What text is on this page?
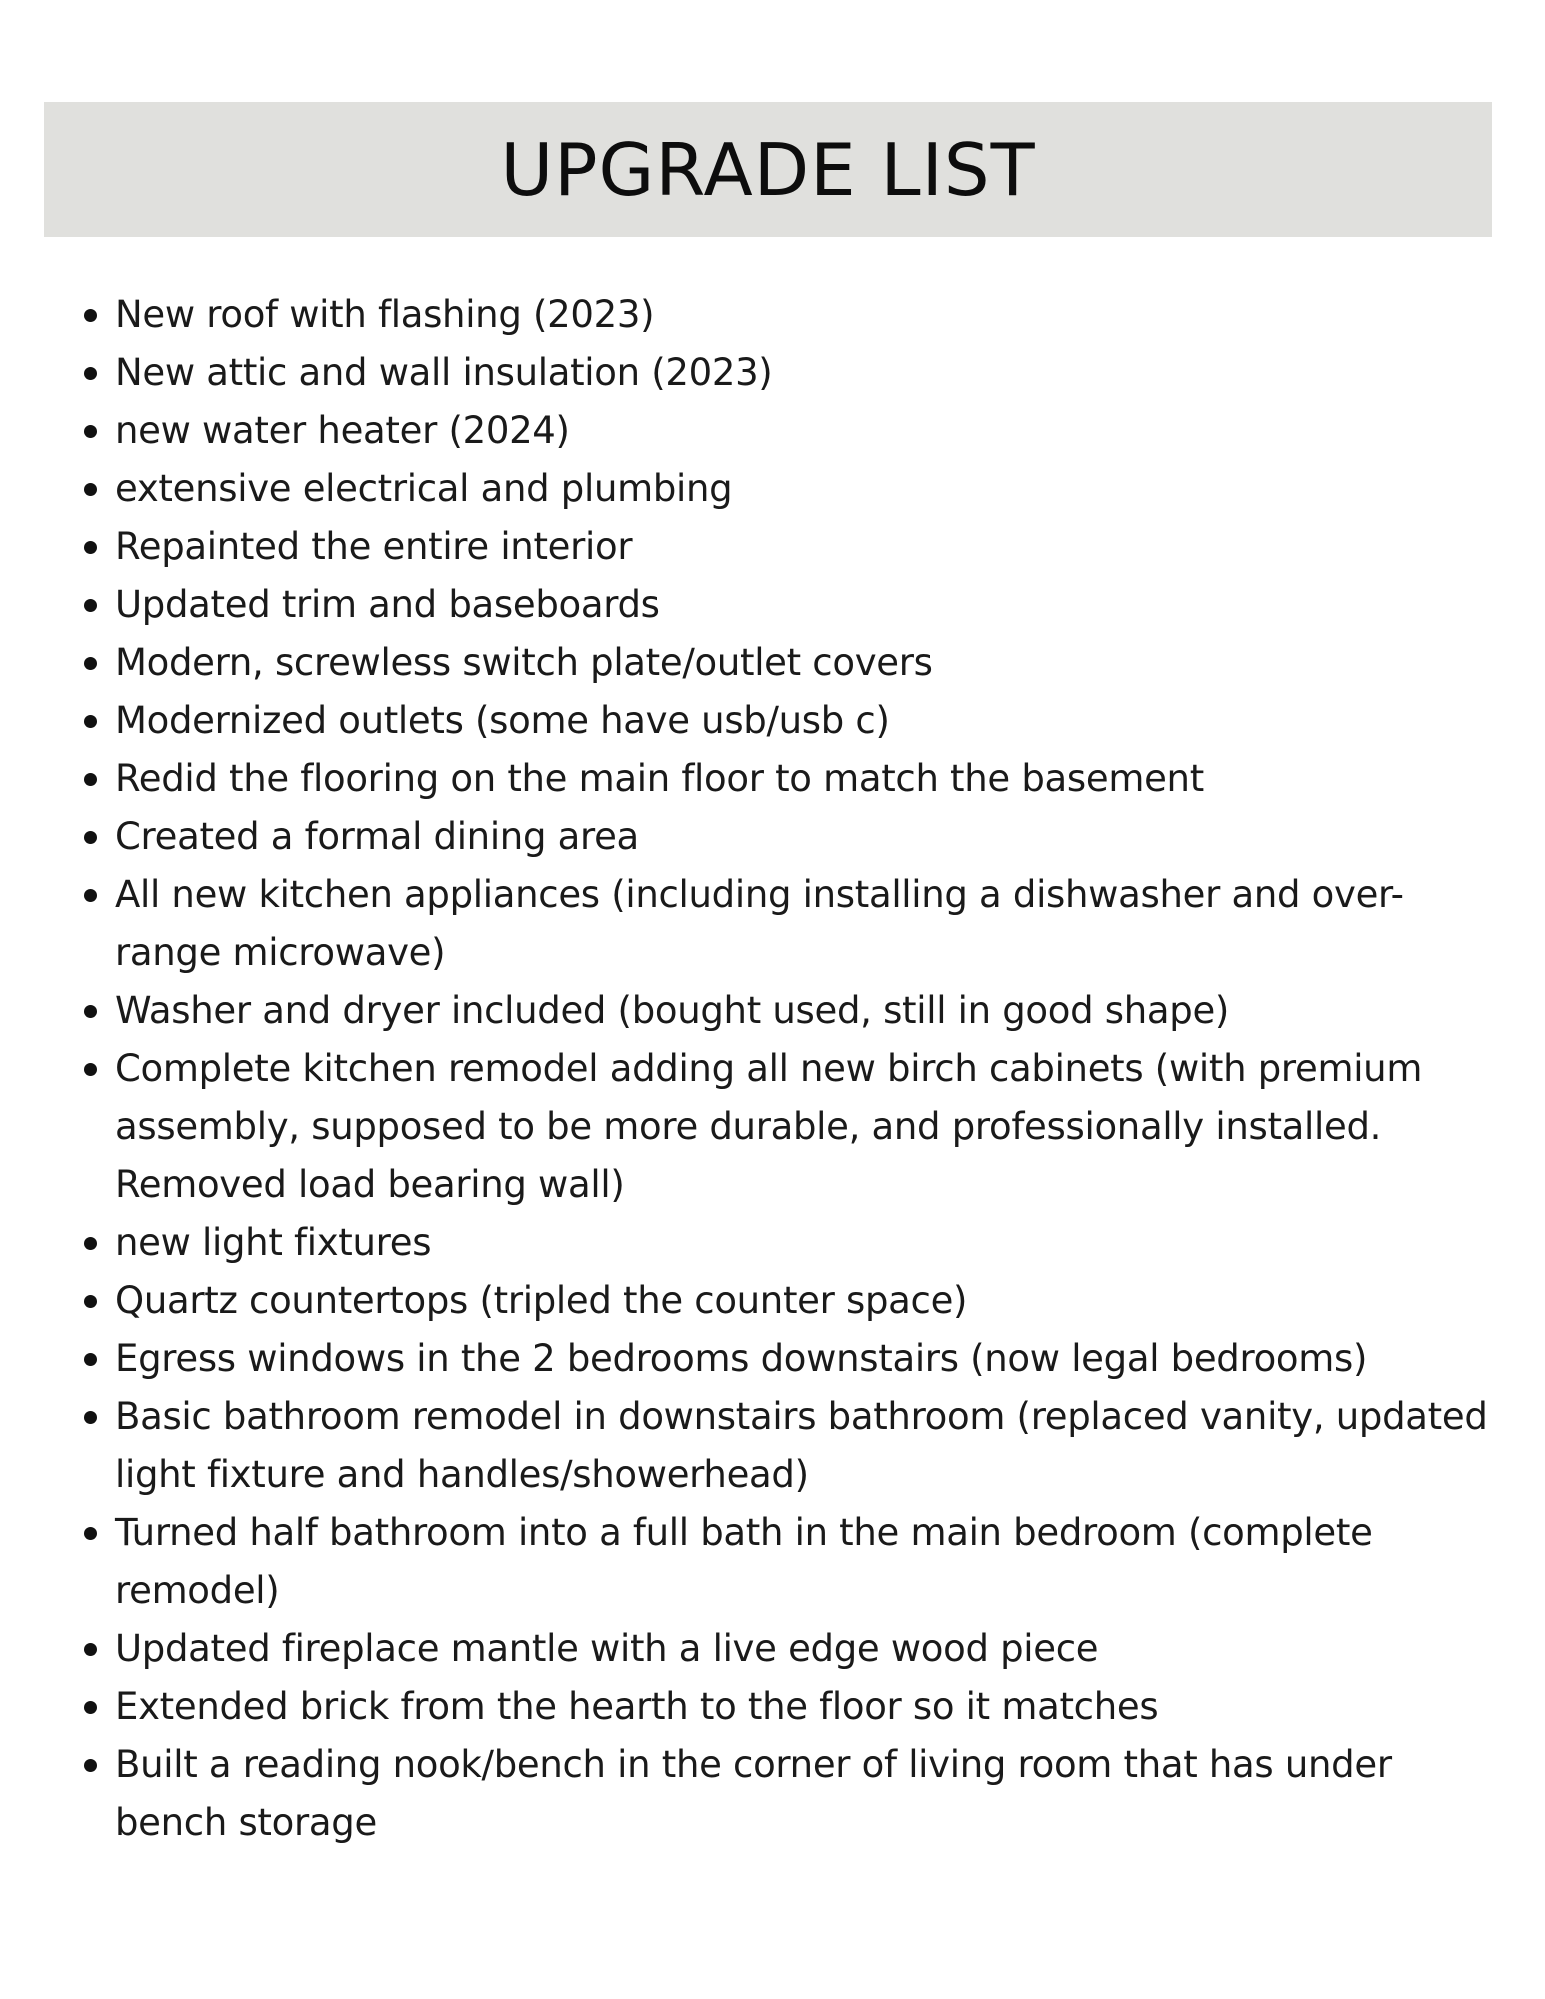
UPGRADE LIST
New roof with flashing (2023)
New attic and wall insulation (2023)
new water heater (2024)
extensive electrical and plumbing
Repainted the entire interior
Updated trim and baseboards
Modern, screwless switch plate/outlet covers
Modernized outlets (some have usb/usb c)
Redid the flooring on the main floor to match the basement
Created a formal dining area
All new kitchen appliances (including installing a dishwasher and over-range microwave)
Washer and dryer included (bought used, still in good shape)
Complete kitchen remodel adding all new birch cabinets (with premium assembly, supposed to be more durable, and professionally installed. Removed load bearing wall)
new light fixtures
Quartz countertops (tripled the counter space)
Egress windows in the 2 bedrooms downstairs (now legal bedrooms)
Basic bathroom remodel in downstairs bathroom (replaced vanity, updated light fixture and handles/showerhead)
Turned half bathroom into a full bath in the main bedroom (complete remodel)
Updated fireplace mantle with a live edge wood piece
Extended brick from the hearth to the floor so it matches
Built a reading nook/bench in the corner of living room that has under bench storage
